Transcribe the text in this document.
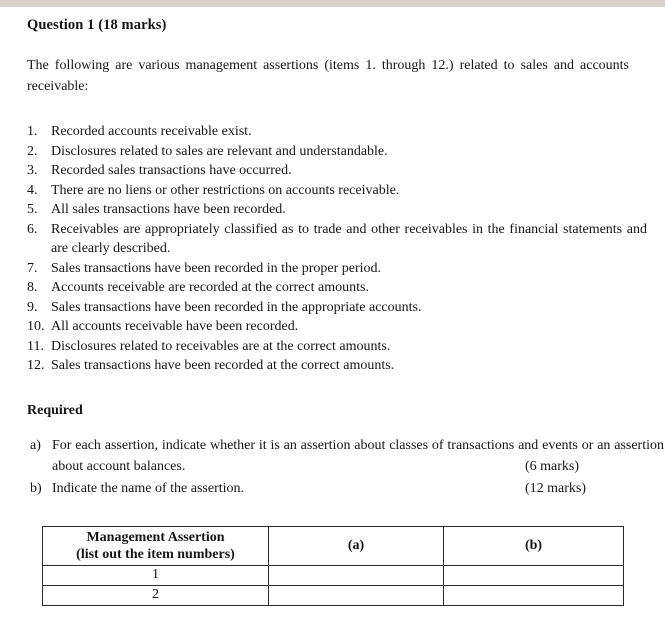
Question 1 (18 marks)
The following are various management assertions (items 1. through 12.) related to sales and accounts receivable:
1. Recorded accounts receivable exist.
2. Disclosures related to sales are relevant and understandable.
3. Recorded sales transactions have occurred.
4. There are no liens or other restrictions on accounts receivable.
5. All sales transactions have been recorded.
6. Receivables are appropriately classified as to trade and other receivables in the financial statements and are clearly described.
7. Sales transactions have been recorded in the proper period.
8. Accounts receivable are recorded at the correct amounts.
9. Sales transactions have been recorded in the appropriate accounts.
10. All accounts receivable have been recorded.
11. Disclosures related to receivables are at the correct amounts.
12. Sales transactions have been recorded at the correct amounts.
Required
a) For each assertion, indicate whether it is an assertion about classes of transactions and events or an assertion about account balances.	(6 marks)
b) Indicate the name of the assertion.	(12 marks)
Management Assertion
(list out the item numbers)	(a)	(b)
1		
2		
